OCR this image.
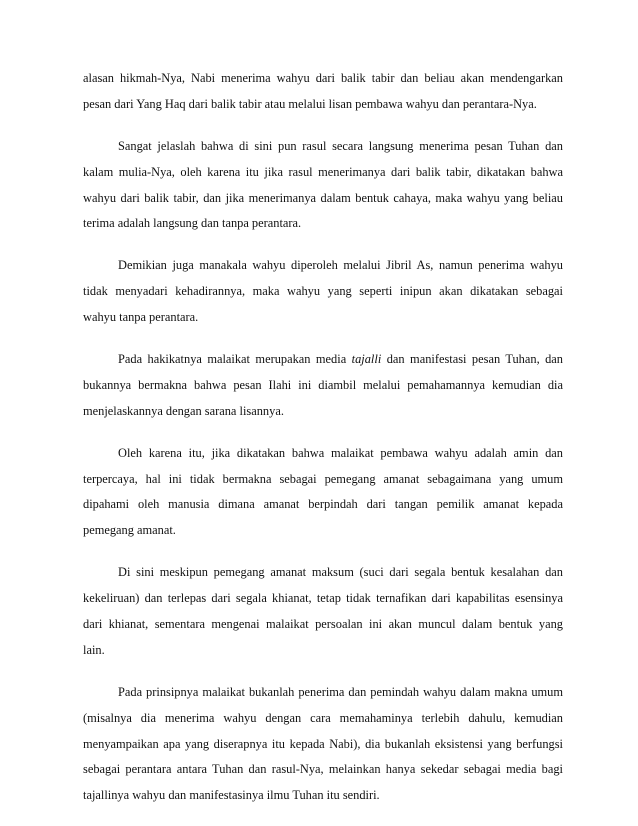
alasan hikmah-Nya, Nabi menerima wahyu dari balik tabir dan beliau akan mendengarkan
pesan dari Yang Haq dari balik tabir atau melalui lisan pembawa wahyu dan perantara-Nya.

Sangat jelaslah bahwa di sini pun rasul secara langsung menerima pesan Tuhan dan
kalam mulia-Nya, oleh karena itu jika rasul menerimanya dari balik tabir, dikatakan bahwa
wahyu dari balik tabir, dan jika menerimanya dalam bentuk cahaya, maka wahyu yang beliau
terima adalah langsung dan tanpa perantara.

Demikian juga manakala wahyu diperoleh melalui Jibril As, namun penerima wahyu
tidak menyadari kehadirannya, maka wahyu yang seperti inipun akan dikatakan sebagai
wahyu tanpa perantara.

Pada hakikatnya malaikat merupakan media tajalli dan manifestasi pesan Tuhan, dan
bukannya bermakna bahwa pesan Ilahi ini diambil melalui pemahamannya kemudian dia
menjelaskannya dengan sarana lisannya.

Oleh karena itu, jika dikatakan bahwa malaikat pembawa wahyu adalah amin dan
terpercaya, hal ini tidak bermakna sebagai pemegang amanat sebagaimana yang umum
dipahami oleh manusia dimana amanat berpindah dari tangan pemilik amanat kepada
pemegang amanat.

Di sini meskipun pemegang amanat maksum (suci dari segala bentuk kesalahan dan
kekeliruan) dan terlepas dari segala khianat, tetap tidak ternafikan dari kapabilitas esensinya
dari khianat, sementara mengenai malaikat persoalan ini akan muncul dalam bentuk yang
lain.

Pada prinsipnya malaikat bukanlah penerima dan pemindah wahyu dalam makna umum
(misalnya dia menerima wahyu dengan cara memahaminya terlebih dahulu, kemudian
menyampaikan apa yang diserapnya itu kepada Nabi), dia bukanlah eksistensi yang berfungsi
sebagai perantara antara Tuhan dan rasul-Nya, melainkan hanya sekedar sebagai media bagi
tajallinya wahyu dan manifestasinya ilmu Tuhan itu sendiri.
